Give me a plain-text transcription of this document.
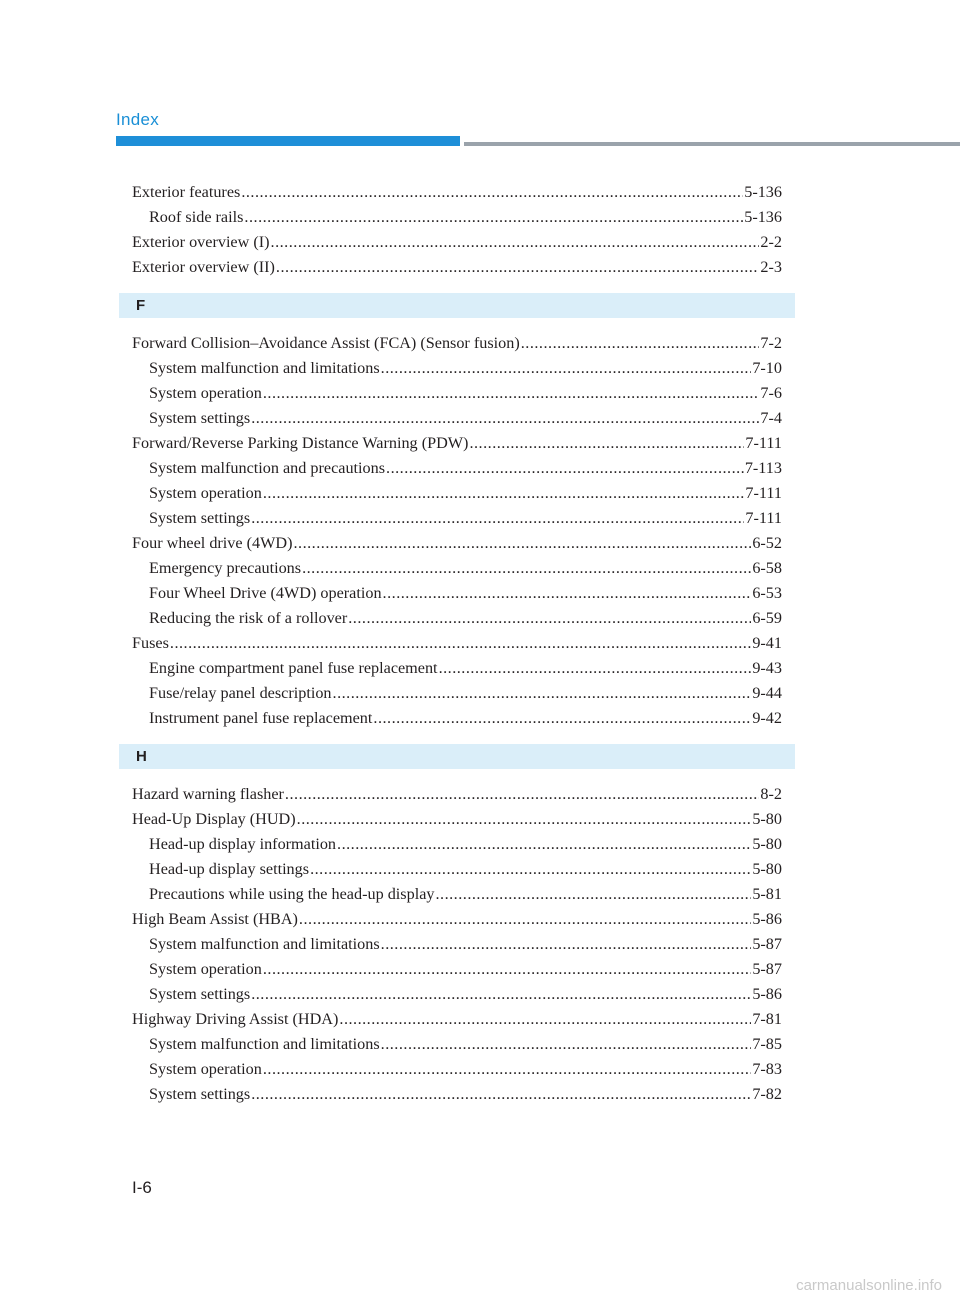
Index
Exterior features .....	5-136
Roof side rails .....	5-136
Exterior overview (I) .....	2-2
Exterior overview (II) .....	2-3
F
Forward Collision–Avoidance Assist (FCA) (Sensor fusion) .....	7-2
System malfunction and limitations .....	7-10
System operation .....	7-6
System settings .....	7-4
Forward/Reverse Parking Distance Warning (PDW) .....	7-111
System malfunction and precautions .....	7-113
System operation .....	7-111
System settings .....	7-111
Four wheel drive (4WD) .....	6-52
Emergency precautions .....	6-58
Four Wheel Drive (4WD) operation .....	6-53
Reducing the risk of a rollover .....	6-59
Fuses .....	9-41
Engine compartment panel fuse replacement .....	9-43
Fuse/relay panel description .....	9-44
Instrument panel fuse replacement .....	9-42
H
Hazard warning flasher .....	8-2
Head-Up Display (HUD) .....	5-80
Head-up display information .....	5-80
Head-up display settings .....	5-80
Precautions while using the head-up display .....	5-81
High Beam Assist (HBA) .....	5-86
System malfunction and limitations .....	5-87
System operation .....	5-87
System settings .....	5-86
Highway Driving Assist (HDA) .....	7-81
System malfunction and limitations .....	7-85
System operation .....	7-83
System settings .....	7-82
I-6
carmanualsonline.info
